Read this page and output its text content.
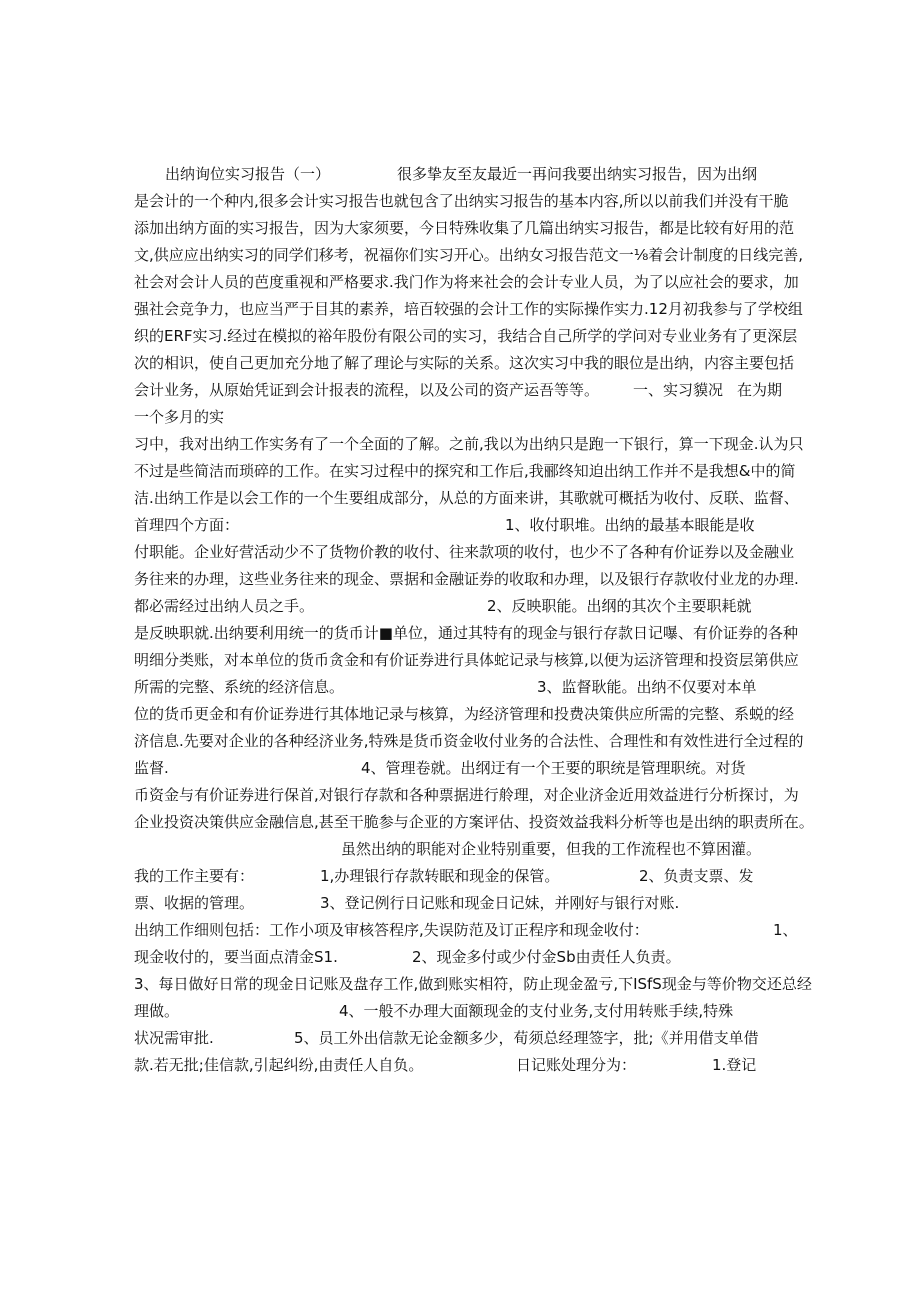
出纳询位实习报告（一）	很多挚友至友最近一再问我要出纳实习报告，因为出纲
是会计的一个种内,很多会计实习报告也就包含了出纳实习报告的基本内容,所以以前我们并没有干脆
添加出纳方面的实习报告，因为大家须要，今日特殊收集了几篇出纳实习报告，都是比较有好用的范
文,供应应出纳实习的同学们移考，祝福你们实习开心。出纳女习报告范文一⅛着会计制度的日线完善,
社会对会计人员的芭度重视和严格要求.我门作为将来社会的会计专业人员，为了以应社会的要求，加
强社会竞争力，也应当严于目其的素养，培百较强的会计工作的实际操作实力.12月初我参与了学校组
织的ERF实习.经过在模拟的裕年股份有限公司的实习，我结合自己所学的学问对专业业务有了更深层
次的相识，使自己更加充分地了解了理论与实际的关系。这次实习中我的眼位是出纳，内容主要包括
会计业务，从原始凭证到会计报表的流程，以及公司的资产运吾等等。 一、实习貘况 在为期
一个多月的实
习中，我对出纳工作实务有了一个全面的了解。之前,我以为出纳只是跑一下银行，算一下现金.认为只
不过是些简洁而琐碎的工作。在实习过程中的探究和工作后,我郦终知迫出纳工作并不是我想&中的简
洁.出纳工作是以会工作的一个生要组成部分，从总的方面来讲，其歌就可概括为收付、反联、监督、
首理四个方面：	1、收付职堆。出纳的最基本眼能是收
付职能。企业好营活动少不了货物价教的收付、往来款项的收付，也少不了各种有价证券以及金融业
务往来的办理，这些业务往来的现金、票据和金融证券的收取和办理，以及银行存款收付业龙的办理.
都必需经过出纳人员之手。	2、反映职能。出纲的其次个主要职耗就
是反映职就.出纳要利用统一的货币计■单位，通过其特有的现金与银行存款日记嚗、有价证券的各种
明细分类账，对本单位的货币贪金和有价证券进行具体蛇记录与核算,以便为运济管理和投资层第供应
所需的完整、系统的经济信息。	3、监督耿能。出纳不仅要对本单
位的货币更金和有价证券进行其体地记录与核算，为经济管理和投费决策供应所需的完整、系蜕的经
济信息.先要对企业的各种经济业务,特殊是货币资金收付业务的合法性、合理性和有效性进行全过程的
监督.	4、管理卷就。出纲迂有一个王要的职统是管理职统。对货
币资金与有价证券进行保首,对银行存款和各种票据进行舲理，对企业济金近用效益进行分析探讨，为
企业投资决策供应金融信息,甚至干脆参与企亚的方案评估、投资效益我料分析等也是出纳的职责所在。
虽然出纳的职能对企业特别重要，但我的工作流程也不算困灌。
我的工作主要有：	1,办理银行存款转眠和现金的保管。	2、负责支票、发
票、收据的管理。	3、登记例行日记账和现金日记妹，并刚好与银行对账.
出纳工作细则包括：工作小项及审核答程序,失误防范及订正程序和现金收付：	1、
现金收付的，要当面点清金S1.	2、现金多付或少付金Sb由责任人负责。
3、每日做好日常的现金日记账及盘存工作,做到账实相符，防止现金盈亏,下ISfS现金与等价物交还总经
理做。	4、一般不办理大面额现金的支付业务,支付用转账手续,特殊
状况需审批.	5、员工外出信款无论金额多少，荀须总经理签字，批;《并用借支单借
款.若无批;佳信款,引起纠纷,由责任人自负。	日记账处理分为：	1.登记
